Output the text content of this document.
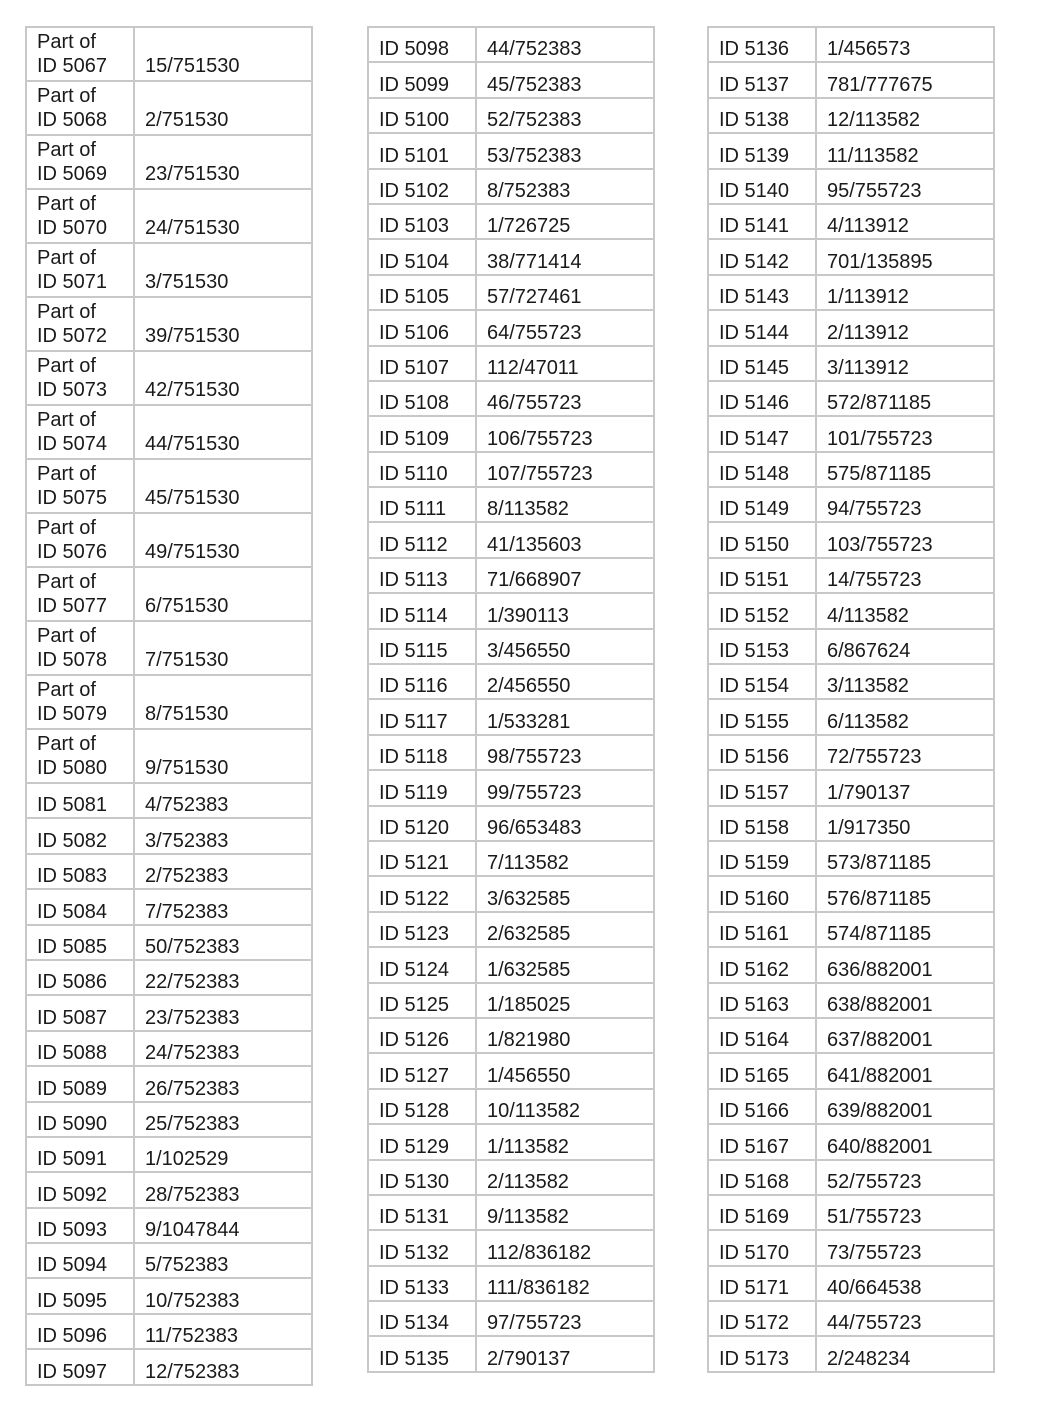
Part of
ID 5067	15/751530

Part of
ID 5068	2/751530

Part of
ID 5069	23/751530

Part of
ID 5070	24/751530

Part of
ID 5071	3/751530

Part of
ID 5072	39/751530

Part of
ID 5073	42/751530

Part of
ID 5074	44/751530

Part of
ID 5075	45/751530

Part of
ID 5076	49/751530

Part of
ID 5077	6/751530

Part of
ID 5078	7/751530

Part of
ID 5079	8/751530

Part of
ID 5080	9/751530

ID 5081	4/752383

ID 5082	3/752383

ID 5083	2/752383

ID 5084	7/752383

ID 5085	50/752383

ID 5086	22/752383

ID 5087	23/752383

ID 5088	24/752383

ID 5089	26/752383

ID 5090	25/752383

ID 5091	1/102529

ID 5092	28/752383

ID 5093	9/1047844

ID 5094	5/752383

ID 5095	10/752383

ID 5096	11/752383

ID 5097	12/752383
ID 5098	44/752383

ID 5099	45/752383

ID 5100	52/752383

ID 5101	53/752383

ID 5102	8/752383

ID 5103	1/726725

ID 5104	38/771414

ID 5105	57/727461

ID 5106	64/755723

ID 5107	112/47011

ID 5108	46/755723

ID 5109	106/755723

ID 5110	107/755723

ID 5111	8/113582

ID 5112	41/135603

ID 5113	71/668907

ID 5114	1/390113

ID 5115	3/456550

ID 5116	2/456550

ID 5117	1/533281

ID 5118	98/755723

ID 5119	99/755723

ID 5120	96/653483

ID 5121	7/113582

ID 5122	3/632585

ID 5123	2/632585

ID 5124	1/632585

ID 5125	1/185025

ID 5126	1/821980

ID 5127	1/456550

ID 5128	10/113582

ID 5129	1/113582

ID 5130	2/113582

ID 5131	9/113582

ID 5132	112/836182

ID 5133	111/836182

ID 5134	97/755723

ID 5135	2/790137
ID 5136	1/456573

ID 5137	781/777675

ID 5138	12/113582

ID 5139	11/113582

ID 5140	95/755723

ID 5141	4/113912

ID 5142	701/135895

ID 5143	1/113912

ID 5144	2/113912

ID 5145	3/113912

ID 5146	572/871185

ID 5147	101/755723

ID 5148	575/871185

ID 5149	94/755723

ID 5150	103/755723

ID 5151	14/755723

ID 5152	4/113582

ID 5153	6/867624

ID 5154	3/113582

ID 5155	6/113582

ID 5156	72/755723

ID 5157	1/790137

ID 5158	1/917350

ID 5159	573/871185

ID 5160	576/871185

ID 5161	574/871185

ID 5162	636/882001

ID 5163	638/882001

ID 5164	637/882001

ID 5165	641/882001

ID 5166	639/882001

ID 5167	640/882001

ID 5168	52/755723

ID 5169	51/755723

ID 5170	73/755723

ID 5171	40/664538

ID 5172	44/755723

ID 5173	2/248234
